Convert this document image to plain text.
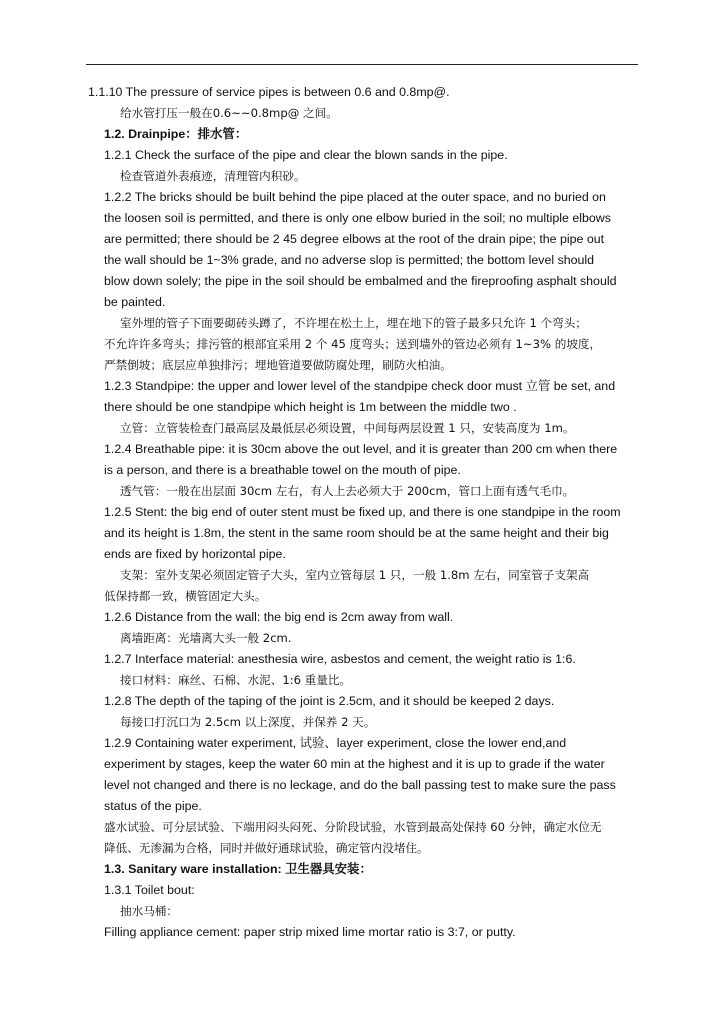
1.1.10 The pressure of service pipes is between 0.6 and 0.8mp@.
给水管打压一般在0.6~~0.8mp@ 之间。
1.2. Drainpipe：排水管：
1.2.1 Check the surface of the pipe and clear the blown sands in the pipe.
检查管道外表痕迹，清理管内积砂。
1.2.2 The bricks should be built behind the pipe placed at the outer space, and no buried on
the loosen soil is permitted, and there is only one elbow buried in the soil; no multiple elbows
are permitted; there should be 2 45 degree elbows at the root of the drain pipe; the pipe out
the wall should be 1~3% grade, and no adverse slop is permitted; the bottom level should
blow down solely; the pipe in the soil should be embalmed and the fireproofing asphalt should
be painted.
室外埋的管子下面要砌砖头蹲了，不许埋在松土上，埋在地下的管子最多只允许 1 个弯头；
不允许许多弯头；排污管的根部宜采用 2 个 45 度弯头；送到墙外的管边必须有 1~3% 的坡度，
严禁倒坡；底层应单独排污；埋地管道要做防腐处理，刷防火柏油。
1.2.3 Standpipe: the upper and lower level of the standpipe check door must 立管 be set, and
there should be one standpipe which height is 1m between the middle two .
立管：立管装检查门最高层及最低层必须设置，中间每两层设置 1 只，安装高度为 1m。
1.2.4 Breathable pipe: it is 30cm above the out level, and it is greater than 200 cm when there
is a person, and there is a breathable towel on the mouth of pipe.
透气管：一般在出层面 30cm 左右，有人上去必须大于 200cm，管口上面有透气毛巾。
1.2.5 Stent: the big end of outer stent must be fixed up, and there is one standpipe in the room
and its height is 1.8m, the stent in the same room should be at the same height and their big
ends are fixed by horizontal pipe.
支架：室外支架必须固定管子大头，室内立管每层 1 只，一般 1.8m 左右，同室管子支架高
低保持都一致，横管固定大头。
1.2.6 Distance from the wall: the big end is 2cm away from wall.
离墙距离：光墙离大头一般 2cm.
1.2.7 Interface material: anesthesia wire, asbestos and cement, the weight ratio is 1:6.
接口材料：麻丝、石棉、水泥、1:6 重量比。
1.2.8 The depth of the taping of the joint is 2.5cm, and it should be keeped 2 days.
每接口打沉口为 2.5cm 以上深度，并保养 2 天。
1.2.9 Containing water experiment, 试验、layer experiment, close the lower end,and
experiment by stages, keep the water 60 min at the highest and it is up to grade if the water
level not changed and there is no leckage, and do the ball passing test to make sure the pass
status of the pipe.
盛水试验、可分层试验、下端用闷头闷死、分阶段试验，水管到最高处保持 60 分钟，确定水位无
降低、无渗漏为合格，同时并做好通球试验，确定管内没堵住。
1.3. Sanitary ware installation: 卫生器具安装：
1.3.1 Toilet bout:
抽水马桶：
Filling appliance cement: paper strip mixed lime mortar ratio is 3:7, or putty.
